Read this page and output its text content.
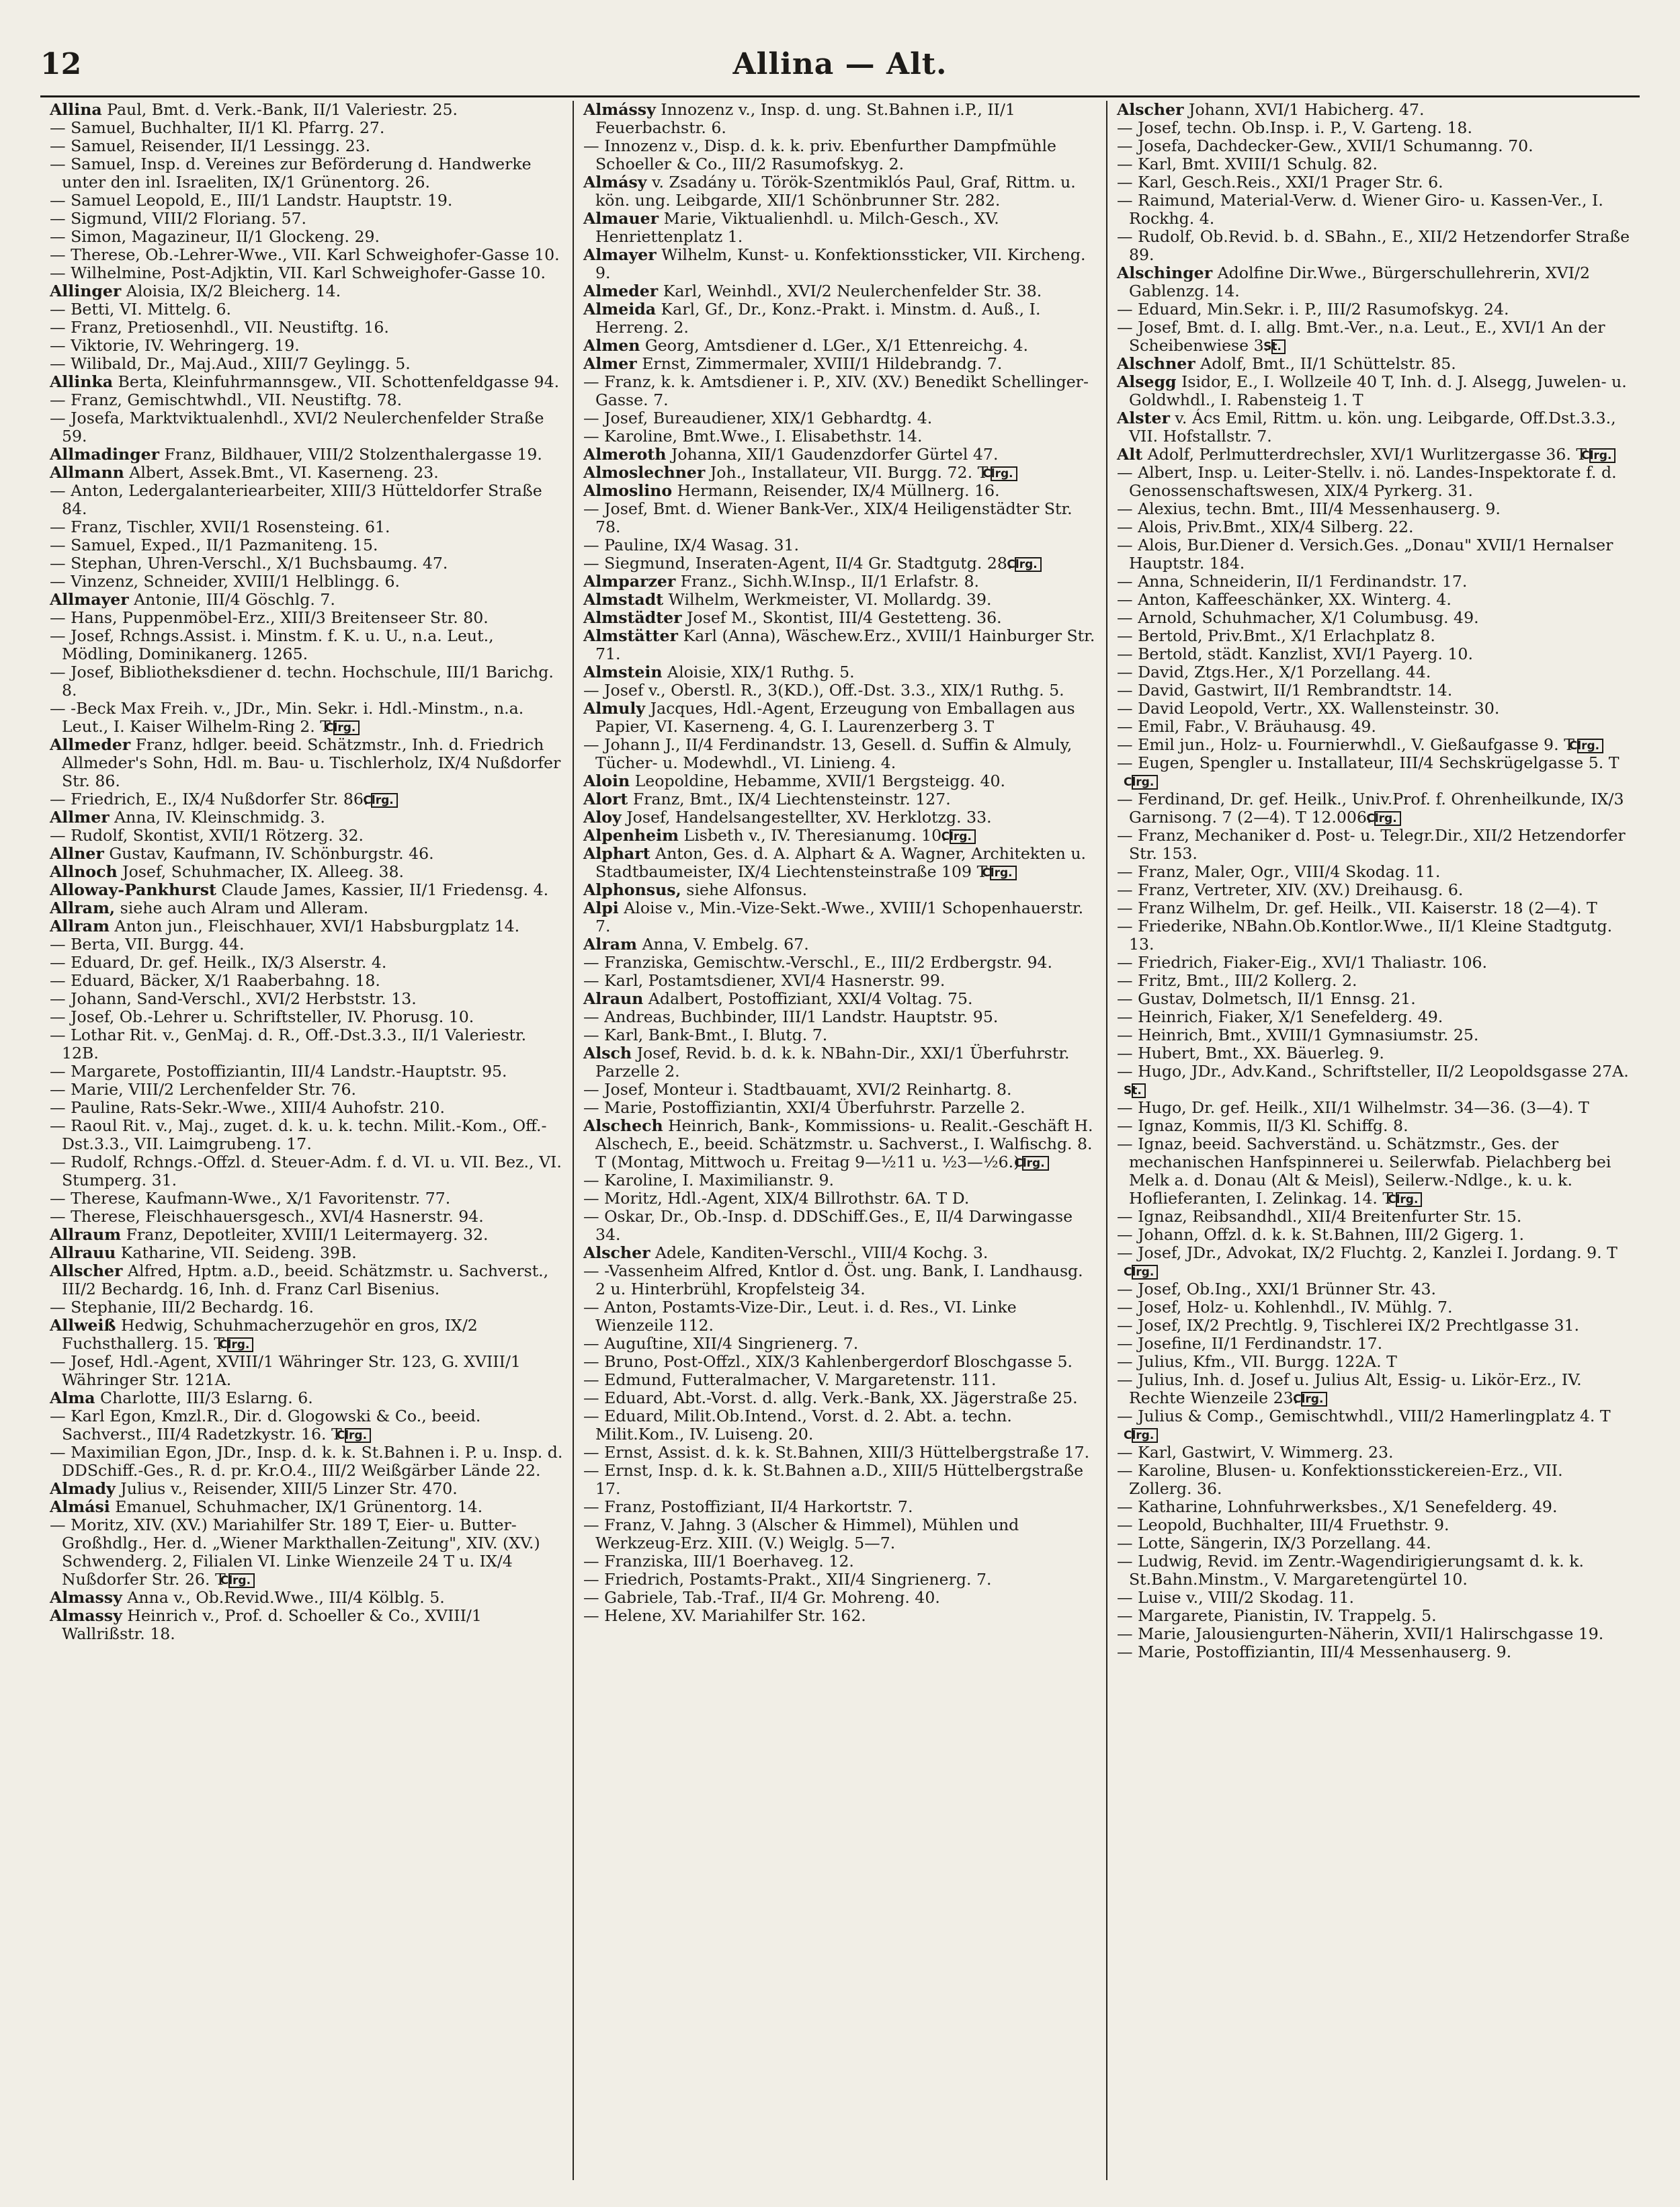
12	Allina — Alt.

Allina Paul, Bmt. d. Verk.-Bank, II/1 Valeriestr. 25.

— Samuel, Buchhalter, II/1 Kl. Pfarrg. 27.

— Samuel, Reisender, II/1 Lessingg. 23.

— Samuel, Insp. d. Vereines zur Beförderung d. Handwerke unter den inl. Israeliten, IX/1 Grünentorg. 26.

— Samuel Leopold, E., III/1 Landstr. Hauptstr. 19.

— Sigmund, VIII/2 Floriang. 57.

— Simon, Magazineur, II/1 Glockeng. 29.

— Therese, Ob.-Lehrer-Wwe., VII. Karl Schweighofer-Gasse 10.

— Wilhelmine, Post-Adjktin, VII. Karl Schweighofer-Gasse 10.

Allinger Aloisia, IX/2 Bleicherg. 14.

— Betti, VI. Mittelg. 6.

— Franz, Pretiosenhdl., VII. Neustiftg. 16.

— Viktorie, IV. Wehringerg. 19.

— Wilibald, Dr., Maj.Aud., XIII/7 Geylingg. 5.

Allinka Berta, Kleinfuhrmannsgew., VII. Schottenfeldgasse 94.

— Franz, Gemischtwhdl., VII. Neustiftg. 78.

— Josefa, Marktviktualenhdl., XVI/2 Neulerchenfelder Straße 59.

Allmadinger Franz, Bildhauer, VIII/2 Stolzenthalergasse 19.

Allmann Albert, Assek.Bmt., VI. Kaserneng. 23.

— Anton, Ledergalanteriearbeiter, XIII/3 Hütteldorfer Straße 84.

— Franz, Tischler, XVII/1 Rosensteing. 61.

— Samuel, Exped., II/1 Pazmaniteng. 15.

— Stephan, Uhren-Verschl., X/1 Buchsbaumg. 47.

— Vinzenz, Schneider, XVIII/1 Helblingg. 6.

Allmayer Antonie, III/4 Göschlg. 7.

— Hans, Puppenmöbel-Erz., XIII/3 Breitenseer Str. 80.

— Josef, Rchngs.Assist. i. Minstm. f. K. u. U., n.a. Leut., Mödling, Dominikanerg. 1265.

— Josef, Bibliotheksdiener d. techn. Hochschule, III/1 Barichg. 8.

— -Beck Max Freih. v., JDr., Min. Sekr. i. Hdl.-Minstm., n.a. Leut., I. Kaiser Wilhelm-Ring 2. TClrg.

Allmeder Franz, hdlger. beeid. Schätzmstr., Inh. d. Friedrich Allmeder's Sohn, Hdl. m. Bau- u. Tischlerholz, IX/4 Nußdorfer Str. 86.

— Friedrich, E., IX/4 Nußdorfer Str. 86.Clrg.

Allmer Anna, IV. Kleinschmidg. 3.

— Rudolf, Skontist, XVII/1 Rötzerg. 32.

Allner Gustav, Kaufmann, IV. Schönburgstr. 46.

Allnoch Josef, Schuhmacher, IX. Alleeg. 38.

Alloway-Pankhurst Claude James, Kassier, II/1 Friedensg. 4.

Allram, siehe auch Alram und Alleram.

Allram Anton jun., Fleischhauer, XVI/1 Habsburgplatz 14.

— Berta, VII. Burgg. 44.

— Eduard, Dr. gef. Heilk., IX/3 Alserstr. 4.

— Eduard, Bäcker, X/1 Raaberbahng. 18.

— Johann, Sand-Verschl., XVI/2 Herbststr. 13.

— Josef, Ob.-Lehrer u. Schriftsteller, IV. Phorusg. 10.

— Lothar Rit. v., GenMaj. d. R., Off.-Dst.3.3., II/1 Valeriestr. 12B.

— Margarete, Postoffiziantin, III/4 Landstr.-Hauptstr. 95.

— Marie, VIII/2 Lerchenfelder Str. 76.

— Pauline, Rats-Sekr.-Wwe., XIII/4 Auhofstr. 210.

— Raoul Rit. v., Maj., zuget. d. k. u. k. techn. Milit.-Kom., Off.-Dst.3.3., VII. Laimgrubeng. 17.

— Rudolf, Rchngs.-Offzl. d. Steuer-Adm. f. d. VI. u. VII. Bez., VI. Stumperg. 31.

— Therese, Kaufmann-Wwe., X/1 Favoritenstr. 77.

— Therese, Fleischhauersgesch., XVI/4 Hasnerstr. 94.

Allraum Franz, Depotleiter, XVIII/1 Leitermayerg. 32.

Allrauu Katharine, VII. Seideng. 39B.

Allscher Alfred, Hptm. a.D., beeid. Schätzmstr. u. Sachverst., III/2 Bechardg. 16, Inh. d. Franz Carl Bisenius.

— Stephanie, III/2 Bechardg. 16.

Allweiß Hedwig, Schuhmacherzugehör en gros, IX/2 Fuchsthallerg. 15. TClrg.

— Josef, Hdl.-Agent, XVIII/1 Währinger Str. 123, G. XVIII/1 Währinger Str. 121A.

Alma Charlotte, III/3 Eslarng. 6.

— Karl Egon, Kmzl.R., Dir. d. Glogowski & Co., beeid. Sachverst., III/4 Radetzkystr. 16. TClrg.

— Maximilian Egon, JDr., Insp. d. k. k. St.Bahnen i. P. u. Insp. d. DDSchiff.-Ges., R. d. pr. Kr.O.4., III/2 Weißgärber Lände 22.

Almady Julius v., Reisender, XIII/5 Linzer Str. 470.

Almási Emanuel, Schuhmacher, IX/1 Grünentorg. 14.

— Moritz, XIV. (XV.) Mariahilfer Str. 189 T, Eier- u. Butter-Großhdlg., Her. d. „Wiener Markthallen-Zeitung", XIV. (XV.) Schwenderg. 2, Filialen VI. Linke Wienzeile 24 T u. IX/4 Nußdorfer Str. 26. TClrg.

Almassy Anna v., Ob.Revid.Wwe., III/4 Kölblg. 5.

Almassy Heinrich v., Prof. d. Schoeller & Co., XVIII/1 Wallrißstr. 18.

Almássy Innozenz v., Insp. d. ung. St.Bahnen i.P., II/1 Feuerbachstr. 6.

— Innozenz v., Disp. d. k. k. priv. Ebenfurther Dampfmühle Schoeller & Co., III/2 Rasumofskyg. 2.

Almásy v. Zsadány u. Török-Szentmiklós Paul, Graf, Rittm. u. kön. ung. Leibgarde, XII/1 Schönbrunner Str. 282.

Almauer Marie, Viktualienhdl. u. Milch-Gesch., XV. Henriettenplatz 1.

Almayer Wilhelm, Kunst- u. Konfektionssticker, VII. Kircheng. 9.

Almeder Karl, Weinhdl., XVI/2 Neulerchenfelder Str. 38.

Almeida Karl, Gf., Dr., Konz.-Prakt. i. Minstm. d. Auß., I. Herreng. 2.

Almen Georg, Amtsdiener d. LGer., X/1 Ettenreichg. 4.

Almer Ernst, Zimmermaler, XVIII/1 Hildebrandg. 7.

— Franz, k. k. Amtsdiener i. P., XIV. (XV.) Benedikt Schellinger-Gasse. 7.

— Josef, Bureaudiener, XIX/1 Gebhardtg. 4.

— Karoline, Bmt.Wwe., I. Elisabethstr. 14.

Almeroth Johanna, XII/1 Gaudenzdorfer Gürtel 47.

Almoslechner Joh., Installateur, VII. Burgg. 72. TClrg.

Almoslino Hermann, Reisender, IX/4 Müllnerg. 16.

— Josef, Bmt. d. Wiener Bank-Ver., XIX/4 Heiligenstädter Str. 78.

— Pauline, IX/4 Wasag. 31.

— Siegmund, Inseraten-Agent, II/4 Gr. Stadtgutg. 28.Clrg.

Almparzer Franz., Sichh.W.Insp., II/1 Erlafstr. 8.

Almstadt Wilhelm, Werkmeister, VI. Mollardg. 39.

Almstädter Josef M., Skontist, III/4 Gestetteng. 36.

Almstätter Karl (Anna), Wäschew.Erz., XVIII/1 Hainburger Str. 71.

Almstein Aloisie, XIX/1 Ruthg. 5.

— Josef v., Oberstl. R., 3(KD.), Off.-Dst. 3.3., XIX/1 Ruthg. 5.

Almuly Jacques, Hdl.-Agent, Erzeugung von Emballagen aus Papier, VI. Kaserneng. 4, G. I. Laurenzerberg 3. T

— Johann J., II/4 Ferdinandstr. 13, Gesell. d. Suffin & Almuly, Tücher- u. Modewhdl., VI. Linieng. 4.

Aloin Leopoldine, Hebamme, XVII/1 Bergsteigg. 40.

Alort Franz, Bmt., IX/4 Liechtensteinstr. 127.

Aloy Josef, Handelsangestellter, XV. Herklotzg. 33.

Alpenheim Lisbeth v., IV. Theresianumg. 10.Clrg.

Alphart Anton, Ges. d. A. Alphart & A. Wagner, Architekten u. Stadtbaumeister, IX/4 Liechtensteinstraße 109 TClrg.

Alphonsus, siehe Alfonsus.

Alpi Aloise v., Min.-Vize-Sekt.-Wwe., XVIII/1 Schopenhauerstr. 7.

Alram Anna, V. Embelg. 67.

— Franziska, Gemischtw.-Verschl., E., III/2 Erdbergstr. 94.

— Karl, Postamtsdiener, XVI/4 Hasnerstr. 99.

Alraun Adalbert, Postoffiziant, XXI/4 Voltag. 75.

— Andreas, Buchbinder, III/1 Landstr. Hauptstr. 95.

— Karl, Bank-Bmt., I. Blutg. 7.

Alsch Josef, Revid. b. d. k. k. NBahn-Dir., XXI/1 Überfuhrstr. Parzelle 2.

— Josef, Monteur i. Stadtbauamt, XVI/2 Reinhartg. 8.

— Marie, Postoffiziantin, XXI/4 Überfuhrstr. Parzelle 2.

Alschech Heinrich, Bank-, Kommissions- u. Realit.-Geschäft H. Alschech, E., beeid. Schätzmstr. u. Sachverst., I. Walfischg. 8. T (Montag, Mittwoch u. Freitag 9—½11 u. ½3—½6.)Clrg.

— Karoline, I. Maximilianstr. 9.

— Moritz, Hdl.-Agent, XIX/4 Billrothstr. 6A. T D.

— Oskar, Dr., Ob.-Insp. d. DDSchiff.Ges., E, II/4 Darwingasse 34.

Alscher Adele, Kanditen-Verschl., VIII/4 Kochg. 3.

— -Vassenheim Alfred, Kntlor d. Öst. ung. Bank, I. Landhausg. 2 u. Hinterbrühl, Kropfelsteig 34.

— Anton, Postamts-Vize-Dir., Leut. i. d. Res., VI. Linke Wienzeile 112.

— Auguſtine, XII/4 Singrienerg. 7.

— Bruno, Post-Offzl., XIX/3 Kahlenbergerdorf Bloschgasse 5.

— Edmund, Futteralmacher, V. Margaretenstr. 111.

— Eduard, Abt.-Vorst. d. allg. Verk.-Bank, XX. Jägerstraße 25.

— Eduard, Milit.Ob.Intend., Vorst. d. 2. Abt. a. techn. Milit.Kom., IV. Luiseng. 20.

— Ernst, Assist. d. k. k. St.Bahnen, XIII/3 Hüttelbergstraße 17.

— Ernst, Insp. d. k. k. St.Bahnen a.D., XIII/5 Hüttelbergstraße 17.

— Franz, Postoffiziant, II/4 Harkortstr. 7.

— Franz, V. Jahng. 3 (Alscher & Himmel), Mühlen und Werkzeug-Erz. XIII. (V.) Weiglg. 5—7.

— Franziska, III/1 Boerhaveg. 12.

— Friedrich, Postamts-Prakt., XII/4 Singrienerg. 7.

— Gabriele, Tab.-Traf., II/4 Gr. Mohreng. 40.

— Helene, XV. Mariahilfer Str. 162.

Alscher Johann, XVI/1 Habicherg. 47.

— Josef, techn. Ob.Insp. i. P., V. Garteng. 18.

— Josefa, Dachdecker-Gew., XVII/1 Schumanng. 70.

— Karl, Bmt. XVIII/1 Schulg. 82.

— Karl, Gesch.Reis., XXI/1 Prager Str. 6.

— Raimund, Material-Verw. d. Wiener Giro- u. Kassen-Ver., I. Rockhg. 4.

— Rudolf, Ob.Revid. b. d. SBahn., E., XII/2 Hetzendorfer Straße 89.

Alschinger Adolfine Dir.Wwe., Bürgerschullehrerin, XVI/2 Gablenzg. 14.

— Eduard, Min.Sekr. i. P., III/2 Rasumofskyg. 24.

— Josef, Bmt. d. I. allg. Bmt.-Ver., n.a. Leut., E., XVI/1 An der Scheibenwiese 3.St.

Alschner Adolf, Bmt., II/1 Schüttelstr. 85.

Alsegg Isidor, E., I. Wollzeile 40 T, Inh. d. J. Alsegg, Juwelen- u. Goldwhdl., I. Rabensteig 1. T

Alster v. Ács Emil, Rittm. u. kön. ung. Leibgarde, Off.Dst.3.3., VII. Hofstallstr. 7.

Alt Adolf, Perlmutterdrechsler, XVI/1 Wurlitzergasse 36. TClrg.

— Albert, Insp. u. Leiter-Stellv. i. nö. Landes-Inspektorate f. d. Genossenschaftswesen, XIX/4 Pyrkerg. 31.

— Alexius, techn. Bmt., III/4 Messenhauserg. 9.

— Alois, Priv.Bmt., XIX/4 Silberg. 22.

— Alois, Bur.Diener d. Versich.Ges. „Donau" XVII/1 Hernalser Hauptstr. 184.

— Anna, Schneiderin, II/1 Ferdinandstr. 17.

— Anton, Kaffeeschänker, XX. Winterg. 4.

— Arnold, Schuhmacher, X/1 Columbusg. 49.

— Bertold, Priv.Bmt., X/1 Erlachplatz 8.

— Bertold, städt. Kanzlist, XVI/1 Payerg. 10.

— David, Ztgs.Her., X/1 Porzellang. 44.

— David, Gastwirt, II/1 Rembrandtstr. 14.

— David Leopold, Vertr., XX. Wallensteinstr. 30.

— Emil, Fabr., V. Bräuhausg. 49.

— Emil jun., Holz- u. Fournierwhdl., V. Gießaufgasse 9. TClrg.

— Eugen, Spengler u. Installateur, III/4 Sechskrügelgasse 5. TClrg.

— Ferdinand, Dr. gef. Heilk., Univ.Prof. f. Ohrenheilkunde, IX/3 Garnisong. 7 (2—4). T 12.006.Clrg.

— Franz, Mechaniker d. Post- u. Telegr.Dir., XII/2 Hetzendorfer Str. 153.

— Franz, Maler, Ogr., VIII/4 Skodag. 11.

— Franz, Vertreter, XIV. (XV.) Dreihausg. 6.

— Franz Wilhelm, Dr. gef. Heilk., VII. Kaiserstr. 18 (2—4). T

— Friederike, NBahn.Ob.Kontlor.Wwe., II/1 Kleine Stadtgutg. 13.

— Friedrich, Fiaker-Eig., XVI/1 Thaliastr. 106.

— Fritz, Bmt., III/2 Kollerg. 2.

— Gustav, Dolmetsch, II/1 Ennsg. 21.

— Heinrich, Fiaker, X/1 Senefelderg. 49.

— Heinrich, Bmt., XVIII/1 Gymnasiumstr. 25.

— Hubert, Bmt., XX. Bäuerleg. 9.

— Hugo, JDr., Adv.Kand., Schriftsteller, II/2 Leopoldsgasse 27A.St.

— Hugo, Dr. gef. Heilk., XII/1 Wilhelmstr. 34—36. (3—4). T

— Ignaz, Kommis, II/3 Kl. Schiffg. 8.

— Ignaz, beeid. Sachverständ. u. Schätzmstr., Ges. der mechanischen Hanfspinnerei u. Seilerwfab. Pielachberg bei Melk a. d. Donau (Alt & Meisl), Seilerw.-Ndlge., k. u. k. Hoflieferanten, I. Zelinkag. 14. TClrg.

— Ignaz, Reibsandhdl., XII/4 Breitenfurter Str. 15.

— Johann, Offzl. d. k. k. St.Bahnen, III/2 Gigerg. 1.

— Josef, JDr., Advokat, IX/2 Fluchtg. 2, Kanzlei I. Jordang. 9. TClrg.

— Josef, Ob.Ing., XXI/1 Brünner Str. 43.

— Josef, Holz- u. Kohlenhdl., IV. Mühlg. 7.

— Josef, IX/2 Prechtlg. 9, Tischlerei IX/2 Prechtlgasse 31.

— Josefine, II/1 Ferdinandstr. 17.

— Julius, Kfm., VII. Burgg. 122A. T

— Julius, Inh. d. Josef u. Julius Alt, Essig- u. Likör-Erz., IV. Rechte Wienzeile 23.Clrg.

— Julius & Comp., Gemischtwhdl., VIII/2 Hamerlingplatz 4. TClrg.

— Karl, Gastwirt, V. Wimmerg. 23.

— Karoline, Blusen- u. Konfektionsstickereien-Erz., VII. Zollerg. 36.

— Katharine, Lohnfuhrwerksbes., X/1 Senefelderg. 49.

— Leopold, Buchhalter, III/4 Fruethstr. 9.

— Lotte, Sängerin, IX/3 Porzellang. 44.

— Ludwig, Revid. im Zentr.-Wagendirigierungsamt d. k. k. St.Bahn.Minstm., V. Margaretengürtel 10.

— Luise v., VIII/2 Skodag. 11.

— Margarete, Pianistin, IV. Trappelg. 5.

— Marie, Jalousiengurten-Näherin, XVII/1 Halirschgasse 19.

— Marie, Postoffiziantin, III/4 Messenhauserg. 9.
